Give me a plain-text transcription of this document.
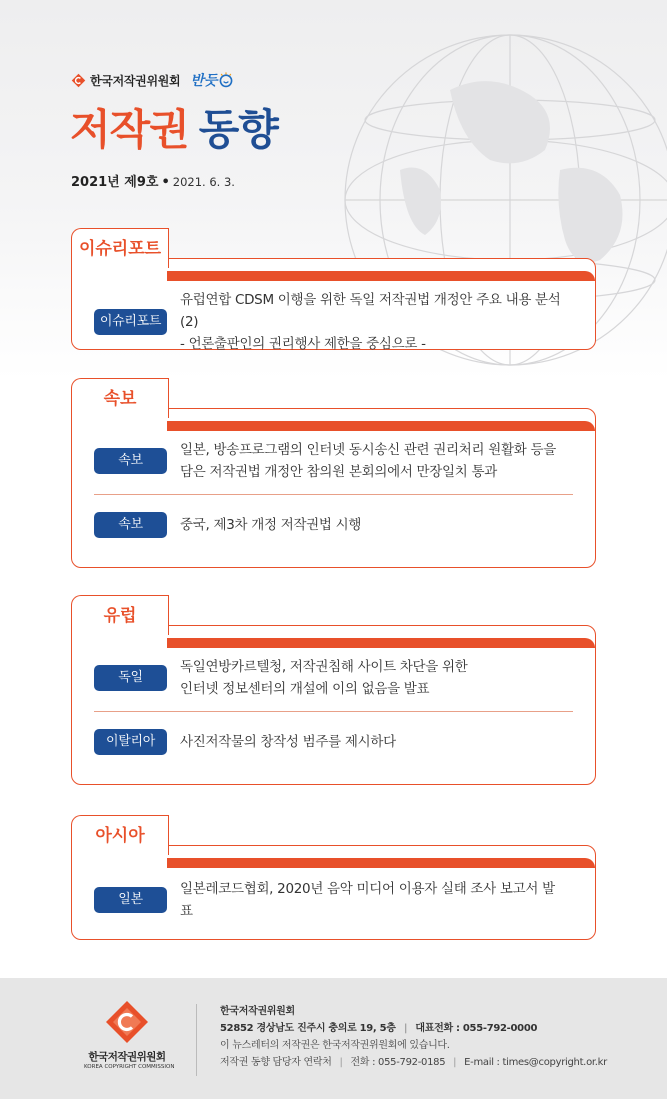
한국저작권위원회 반듯
저작권 동향
2021년 제9호 • 2021. 6. 3.
이슈리포트
유럽연합 CDSM 이행을 위한 독일 저작권법 개정안 주요 내용 분석 (2)
- 언론출판인의 권리행사 제한을 중심으로 -
이슈리포트
속보
일본, 방송프로그램의 인터넷 동시송신 관련 권리처리 원활화 등을
담은 저작권법 개정안 참의원 본회의에서 만장일치 통과
속보	중국, 제3차 개정 저작권법 시행
속보
독일
독일연방카르텔청, 저작권침해 사이트 차단을 위한
인터넷 정보센터의 개설에 이의 없음을 발표
이탈리아	사진저작물의 창작성 범주를 제시하다
유럽
일본
일본레코드협회, 2020년 음악 미디어 이용자 실태 조사 보고서 발
표
아시아
한국저작권위원회
KOREA COPYRIGHT COMMISSION
한국저작권위원회
52852 경상남도 진주시 충의로 19, 5층 | 대표전화 : 055-792-0000
이 뉴스레터의 저작권은 한국저작권위원회에 있습니다.
저작권 동향 담당자 연락처 | 전화 : 055-792-0185 | E-mail : times@copyright.or.kr
